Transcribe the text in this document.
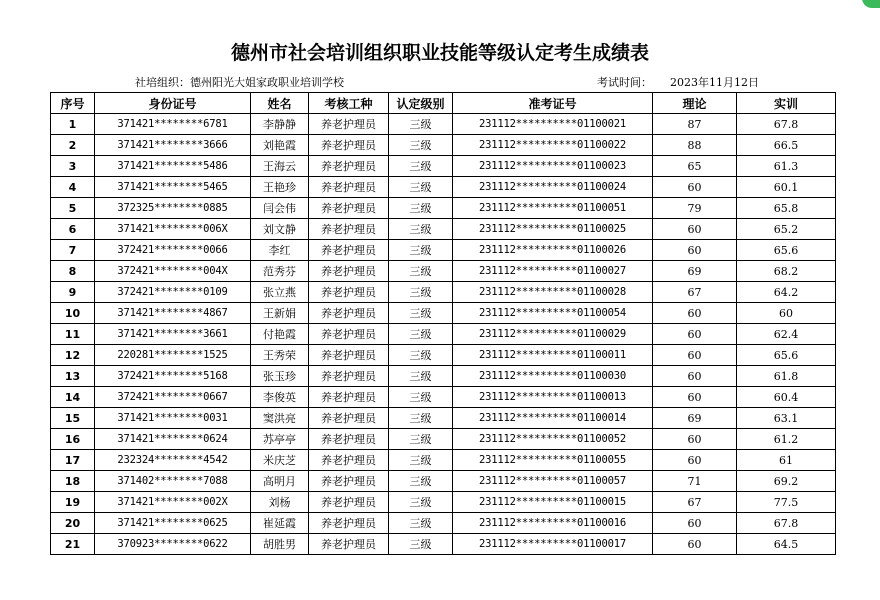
德州市社会培训组织职业技能等级认定考生成绩表
社培组织：德州阳光大姐家政职业培训学校	考试时间： 2023年11月12日
序号	身份证号	姓名	考核工种	认定级别	准考证号	理论	实训
1	371421********6781	李静静	养老护理员	三级	231112**********01100021	87	67.8
2	371421********3666	刘艳霞	养老护理员	三级	231112**********01100022	88	66.5
3	371421********5486	王海云	养老护理员	三级	231112**********01100023	65	61.3
4	371421********5465	王艳珍	养老护理员	三级	231112**********01100024	60	60.1
5	372325********0885	闫会伟	养老护理员	三级	231112**********01100051	79	65.8
6	371421********006X	刘文静	养老护理员	三级	231112**********01100025	60	65.2
7	372421********0066	李红	养老护理员	三级	231112**********01100026	60	65.6
8	372421********004X	范秀芬	养老护理员	三级	231112**********01100027	69	68.2
9	372421********0109	张立燕	养老护理员	三级	231112**********01100028	67	64.2
10	371421********4867	王新娟	养老护理员	三级	231112**********01100054	60	60
11	371421********3661	付艳霞	养老护理员	三级	231112**********01100029	60	62.4
12	220281********1525	王秀荣	养老护理员	三级	231112**********01100011	60	65.6
13	372421********5168	张玉珍	养老护理员	三级	231112**********01100030	60	61.8
14	372421********0667	李俊英	养老护理员	三级	231112**********01100013	60	60.4
15	371421********0031	窦洪亮	养老护理员	三级	231112**********01100014	69	63.1
16	371421********0624	苏亭亭	养老护理员	三级	231112**********01100052	60	61.2
17	232324********4542	米庆芝	养老护理员	三级	231112**********01100055	60	61
18	371402********7088	高明月	养老护理员	三级	231112**********01100057	71	69.2
19	371421********002X	刘杨	养老护理员	三级	231112**********01100015	67	77.5
20	371421********0625	崔延霞	养老护理员	三级	231112**********01100016	60	67.8
21	370923********0622	胡胜男	养老护理员	三级	231112**********01100017	60	64.5
